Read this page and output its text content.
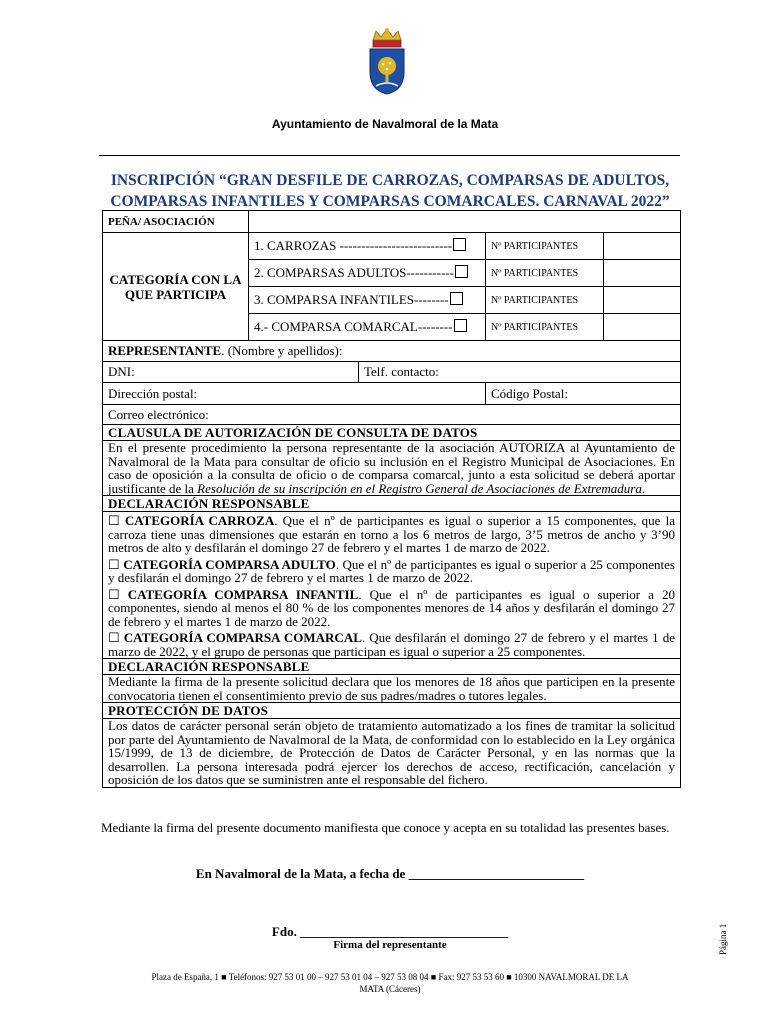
Ayuntamiento de Navalmoral de la Mata
INSCRIPCIÓN “GRAN DESFILE DE CARROZAS, COMPARSAS DE ADULTOS,
COMPARSAS INFANTILES Y COMPARSAS COMARCALES. CARNAVAL 2022”
PEÑA/ ASOCIACIÓN				
CATEGORÍA CON LA QUE PARTICIPA	1. CARROZAS --------------------------		Nº PARTICIPANTES	
	2. COMPARSAS ADULTOS-----------		Nº PARTICIPANTES	
	3. COMPARSA INFANTILES--------		Nº PARTICIPANTES	
	4.- COMPARSA COMARCAL--------		Nº PARTICIPANTES	
REPRESENTANTE. (Nombre y apellidos):				
DNI:		Telf. contacto:		
Dirección postal:			Código Postal:	
Correo electrónico:				
CLAUSULA DE AUTORIZACIÓN DE CONSULTA DE DATOS				
En el presente procedimiento la persona representante de la asociación AUTORIZA al Ayuntamiento de Navalmoral de la Mata para consultar de oficio su inclusión en el Registro Municipal de Asociaciones. En caso de oposición a la consulta de oficio o de comparsa comarcal, junto a esta solicitud se deberá aportar justificante de la Resolución de su inscripción en el Registro General de Asociaciones de Extremadura.				
DECLARACIÓN RESPONSABLE				

☐ CATEGORÍA CARROZA. Que el nº de participantes es igual o superior a 15 componentes, que la carroza tiene unas dimensiones que estarán en torno a los 6 metros de largo, 3’5 metros de ancho y 3’90 metros de alto y desfilarán el domingo 27 de febrero y el martes 1 de marzo de 2022.

☐ CATEGORÍA COMPARSA ADULTO. Que el nº de participantes es igual o superior a 25 componentes y desfilarán el domingo 27 de febrero y el martes 1 de marzo de 2022.

☐ CATEGORÍA COMPARSA INFANTIL. Que el nº de participantes es igual o superior a 20 componentes, siendo al menos el 80 % de los componentes menores de 14 años y desfilarán el domingo 27 de febrero y el martes 1 de marzo de 2022.

☐ CATEGORÍA COMPARSA COMARCAL. Que desfilarán el domingo 27 de febrero y el martes 1 de marzo de 2022, y el grupo de personas que participan es igual o superior a 25 componentes.				

DECLARACIÓN RESPONSABLE				
Mediante la firma de la presente solicitud declara que los menores de 18 años que participen en la presente convocatoria tienen el consentimiento previo de sus padres/madres o tutores legales.				
PROTECCIÓN DE DATOS				
Los datos de carácter personal serán objeto de tratamiento automatizado a los fines de tramitar la solicitud por parte del Ayuntamiento de Navalmoral de la Mata, de conformidad con lo establecido en la Ley orgánica 15/1999, de 13 de diciembre, de Protección de Datos de Carácter Personal, y en las normas que la desarrollen. La persona interesada podrá ejercer los derechos de acceso, rectificación, cancelación y oposición de los datos que se suministren ante el responsable del fichero.				
Mediante la firma del presente documento manifiesta que conoce y acepta en su totalidad las presentes bases.
En Navalmoral de la Mata, a fecha de ___________________________
Fdo. ________________________________
Firma del representante
Plaza de España, 1 ■ Teléfonos: 927 53 01 00 – 927 53 01 04 – 927 53 08 04 ■ Fax: 927 53 53 60 ■ 10300 NAVALMORAL DE LA
MATA (Cáceres)
Página 1
